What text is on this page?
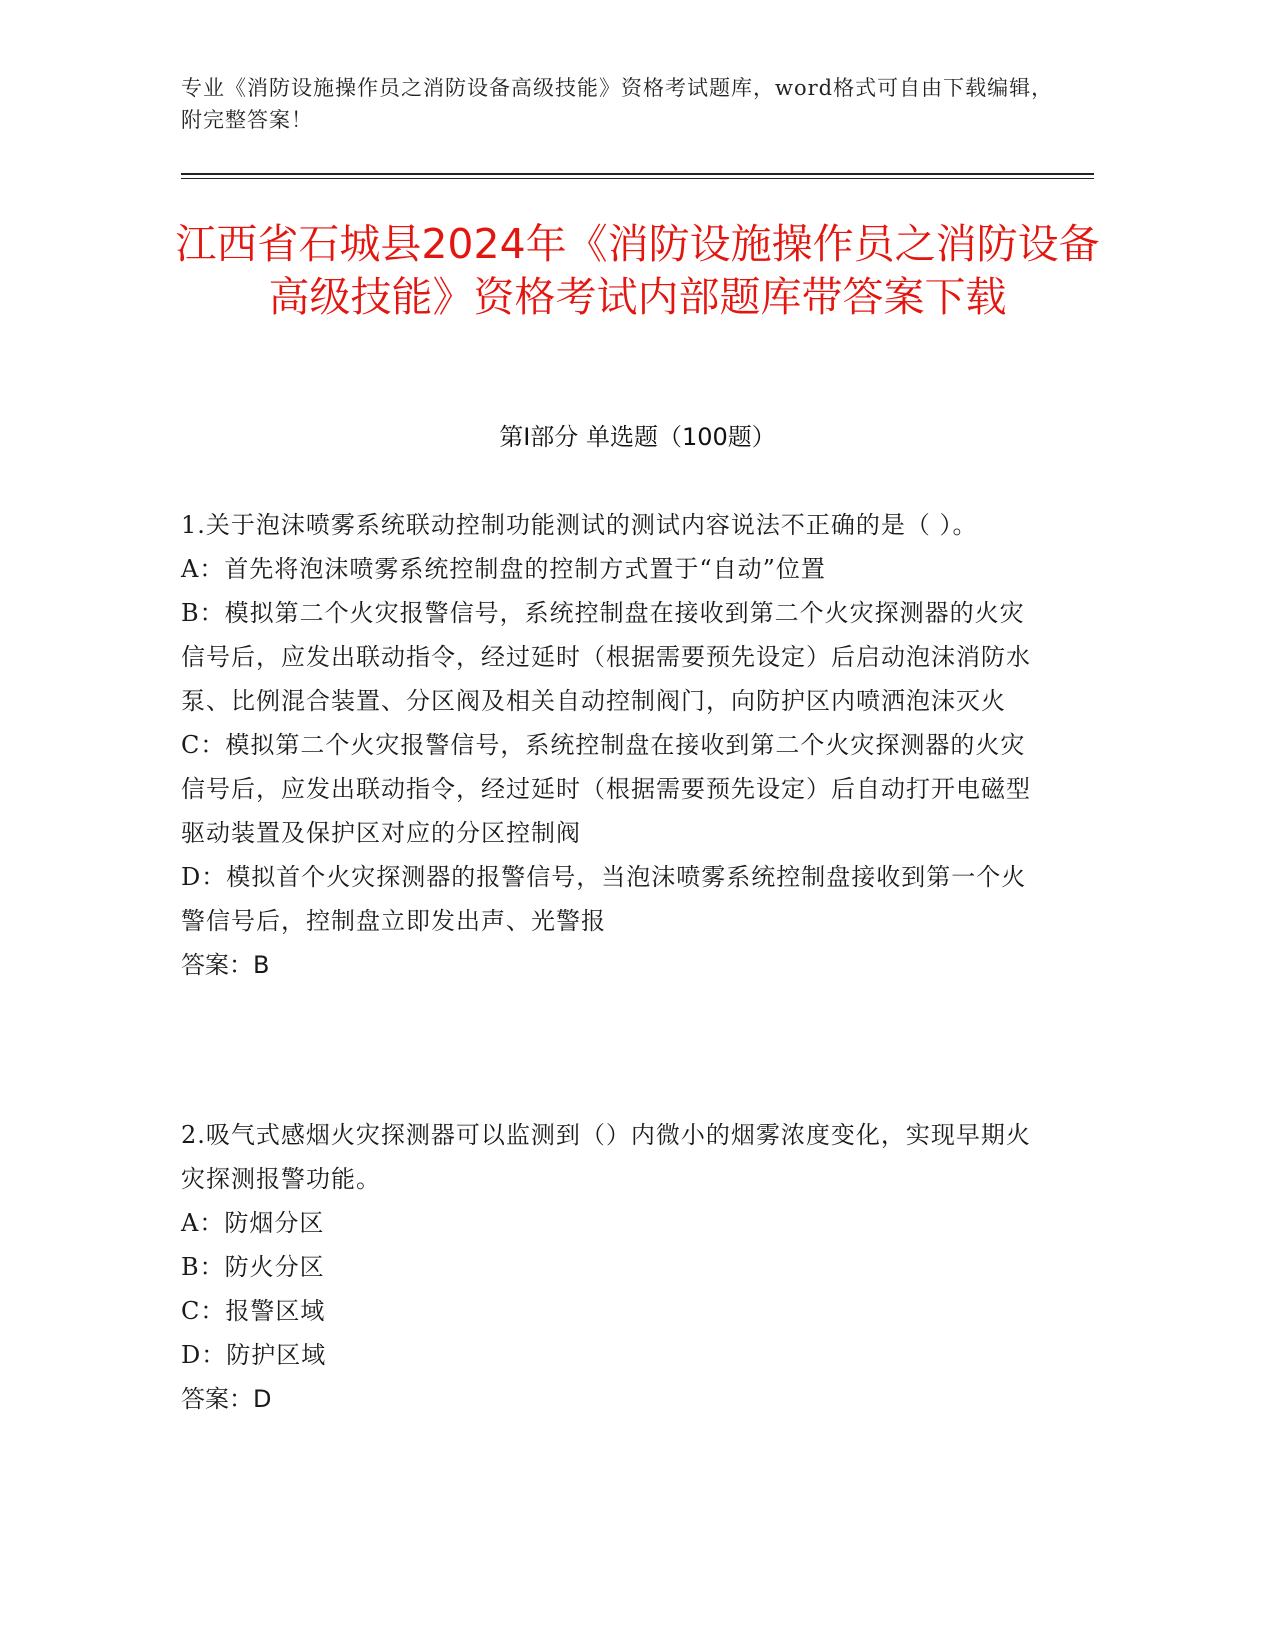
专业《消防设施操作员之消防设备高级技能》资格考试题库，word格式可自由下载编辑，附完整答案！
江西省石城县2024年《消防设施操作员之消防设备高级技能》资格考试内部题库带答案下载
第Ⅰ部分 单选题（100题）
1.关于泡沫喷雾系统联动控制功能测试的测试内容说法不正确的是（ ）。
A：首先将泡沫喷雾系统控制盘的控制方式置于“自动”位置
B：模拟第二个火灾报警信号，系统控制盘在接收到第二个火灾探测器的火灾信号后，应发出联动指令，经过延时（根据需要预先设定）后启动泡沫消防水泵、比例混合装置、分区阀及相关自动控制阀门，向防护区内喷洒泡沫灭火
C：模拟第二个火灾报警信号，系统控制盘在接收到第二个火灾探测器的火灾信号后，应发出联动指令，经过延时（根据需要预先设定）后自动打开电磁型驱动装置及保护区对应的分区控制阀
D：模拟首个火灾探测器的报警信号，当泡沫喷雾系统控制盘接收到第一个火警信号后，控制盘立即发出声、光警报
答案：B
2.吸气式感烟火灾探测器可以监测到（）内微小的烟雾浓度变化，实现早期火灾探测报警功能。
A：防烟分区
B：防火分区
C：报警区域
D：防护区域
答案：D
